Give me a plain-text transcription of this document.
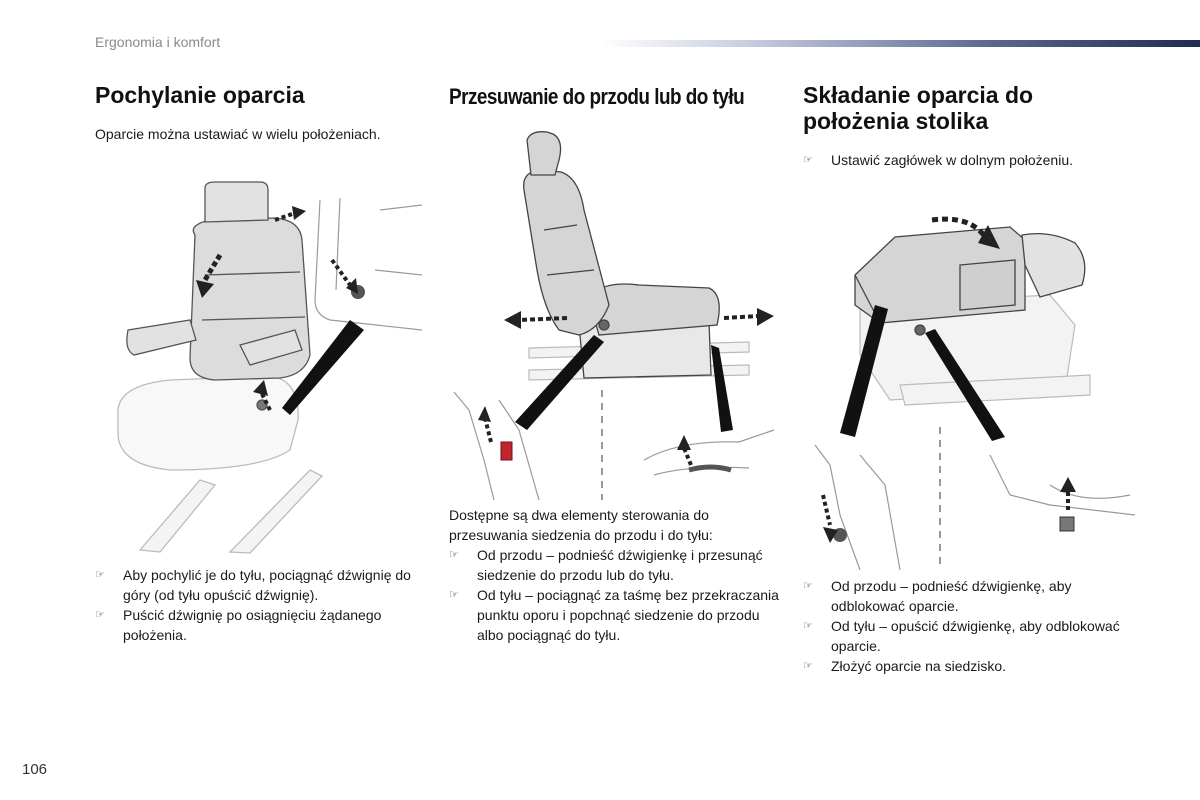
Ergonomia i komfort
Pochylanie oparcia

Oparcie można ustawiać w wielu położeniach.

☞ Aby pochylić je do tyłu, pociągnąć dźwignię do góry (od tyłu opuścić dźwignię).
☞ Puścić dźwignię po osiągnięciu żądanego położenia.
Przesuwanie do przodu lub do tyłu

Dostępne są dwa elementy sterowania do przesuwania siedzenia do przodu i do tyłu:

☞ Od przodu – podnieść dźwigienkę i przesunąć siedzenie do przodu lub do tyłu.
☞ Od tyłu – pociągnąć za taśmę bez przekraczania punktu oporu i popchnąć siedzenie do przodu albo pociągnąć do tyłu.
Składanie oparcia do położenia stolika
☞ Ustawić zagłówek w dolnym położeniu.
☞ Od przodu – podnieść dźwigienkę, aby odblokować oparcie.
☞ Od tyłu – opuścić dźwigienkę, aby odblokować oparcie.
☞ Złożyć oparcie na siedzisko.
106
